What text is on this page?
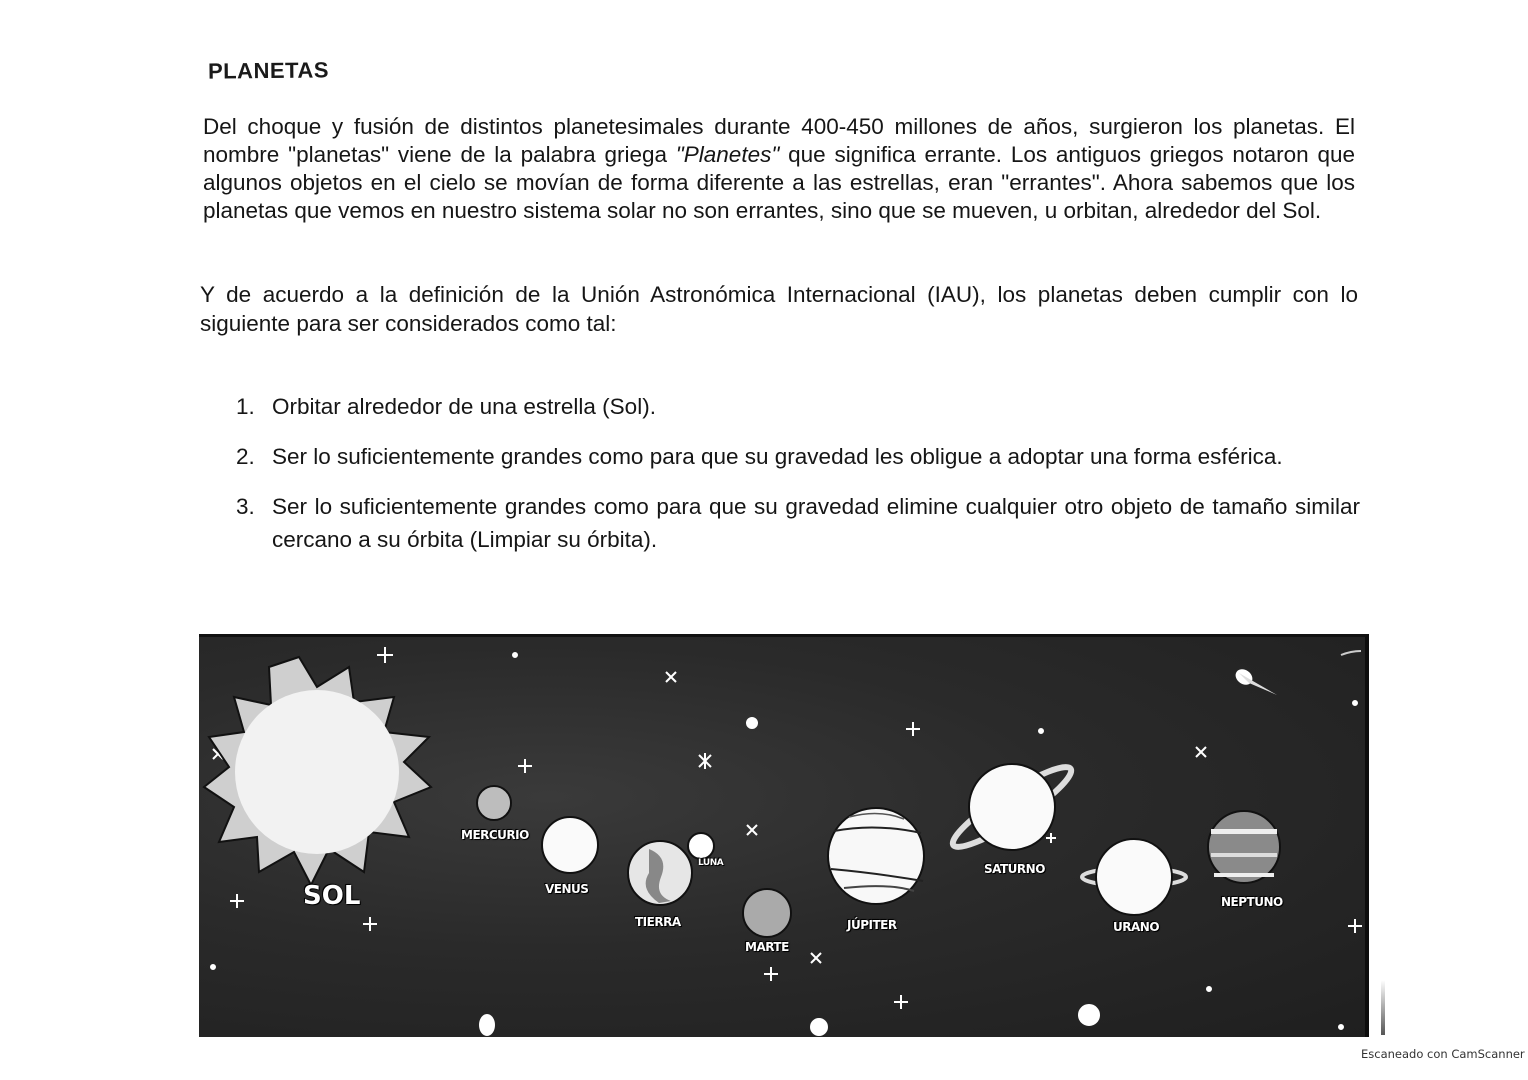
PLANETAS
Del choque y fusión de distintos planetesimales durante 400-450 millones de años, surgieron los planetas. El nombre "planetas" viene de la palabra griega "Planetes" que significa errante. Los antiguos griegos notaron que algunos objetos en el cielo se movían de forma diferente a las estrellas, eran "errantes". Ahora sabemos que los planetas que vemos en nuestro sistema solar no son errantes, sino que se mueven, u orbitan, alrededor del Sol.
Y de acuerdo a la definición de la Unión Astronómica Internacional (IAU), los planetas deben cumplir con lo siguiente para ser considerados como tal:
1. Orbitar alrededor de una estrella (Sol).
2. Ser lo suficientemente grandes como para que su gravedad les obligue a adoptar una forma esférica.
3. Ser lo suficientemente grandes como para que su gravedad elimine cualquier otro objeto de tamaño similar cercano a su órbita (Limpiar su órbita).
SOL
MERCURIO
VENUS
TIERRA
LUNA
MARTE
JÚPITER
SATURNO
URANO
NEPTUNO
Escaneado con CamScanner
